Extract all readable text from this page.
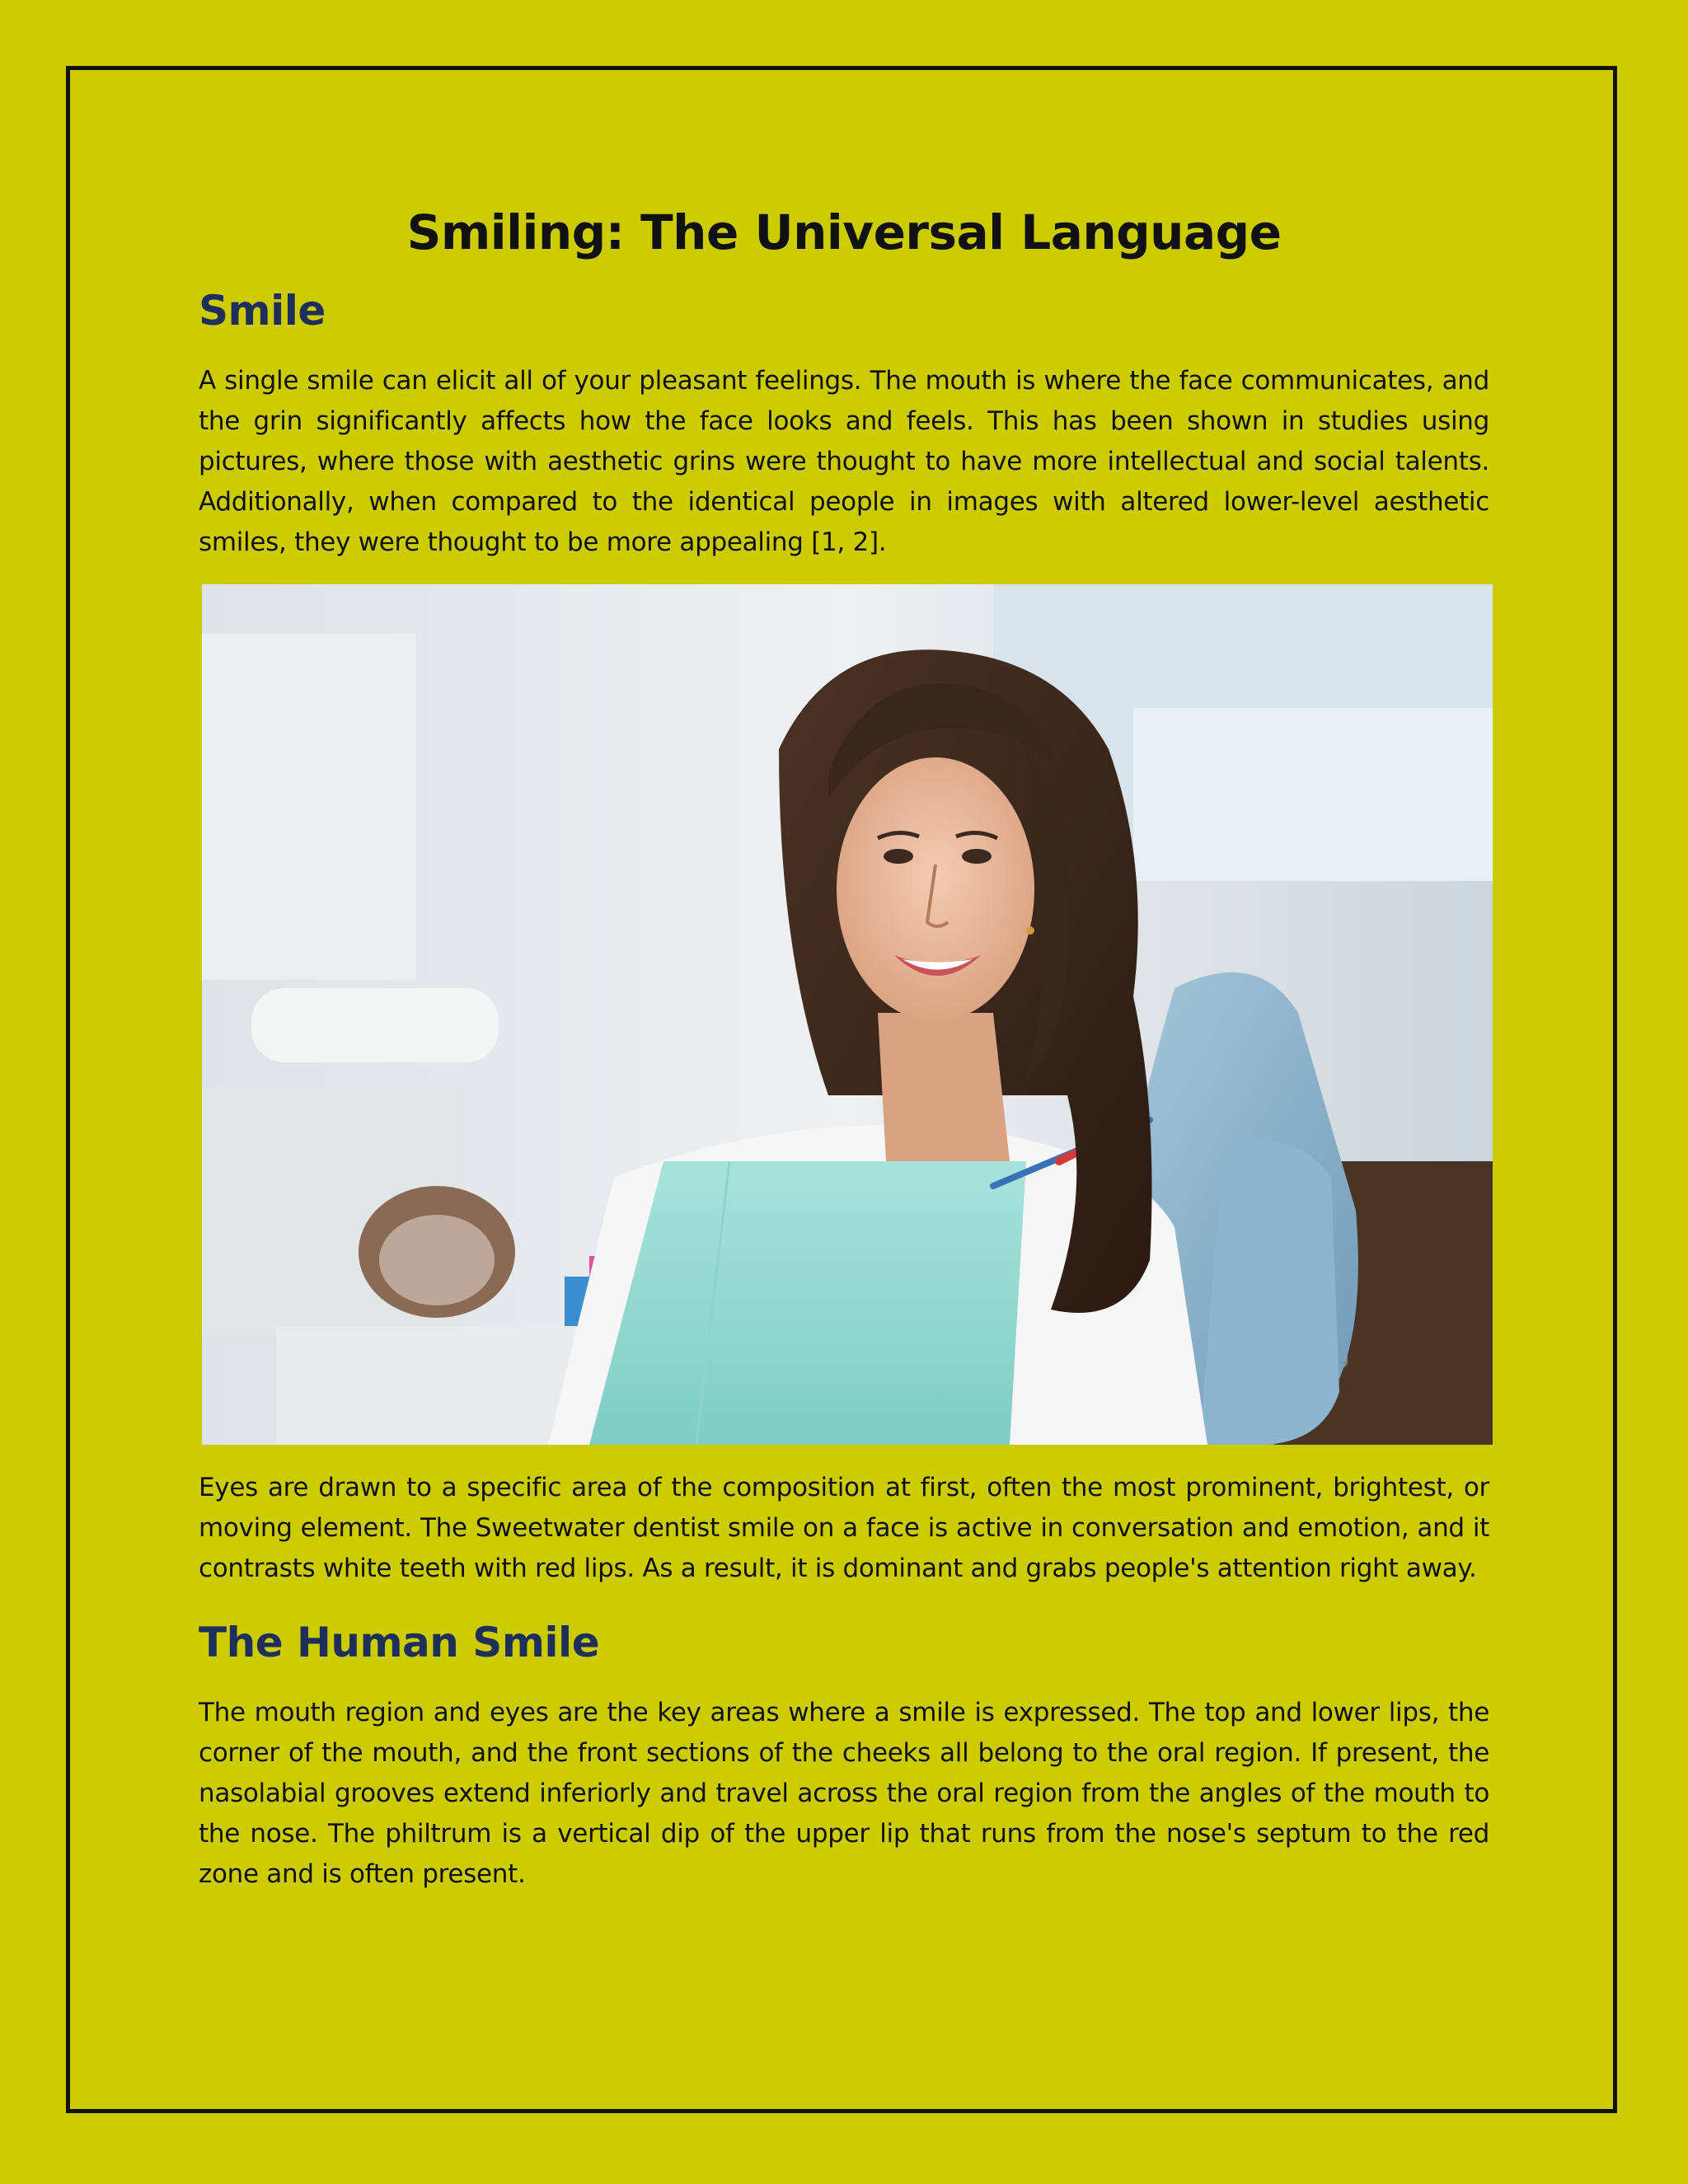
Smiling: The Universal Language
Smile

A single smile can elicit all of your pleasant feelings. The mouth is where the face communicates, and the grin significantly affects how the face looks and feels. This has been shown in studies using pictures, where those with aesthetic grins were thought to have more intellectual and social talents. Additionally, when compared to the identical people in images with altered lower-level aesthetic smiles, they were thought to be more appealing [1, 2].

Eyes are drawn to a specific area of the composition at first, often the most prominent, brightest, or moving element. The Sweetwater dentist smile on a face is active in conversation and emotion, and it contrasts white teeth with red lips. As a result, it is dominant and grabs people's attention right away.

The Human Smile

The mouth region and eyes are the key areas where a smile is expressed. The top and lower lips, the corner of the mouth, and the front sections of the cheeks all belong to the oral region. If present, the nasolabial grooves extend inferiorly and travel across the oral region from the angles of the mouth to the nose. The philtrum is a vertical dip of the upper lip that runs from the nose's septum to the red zone and is often present.
